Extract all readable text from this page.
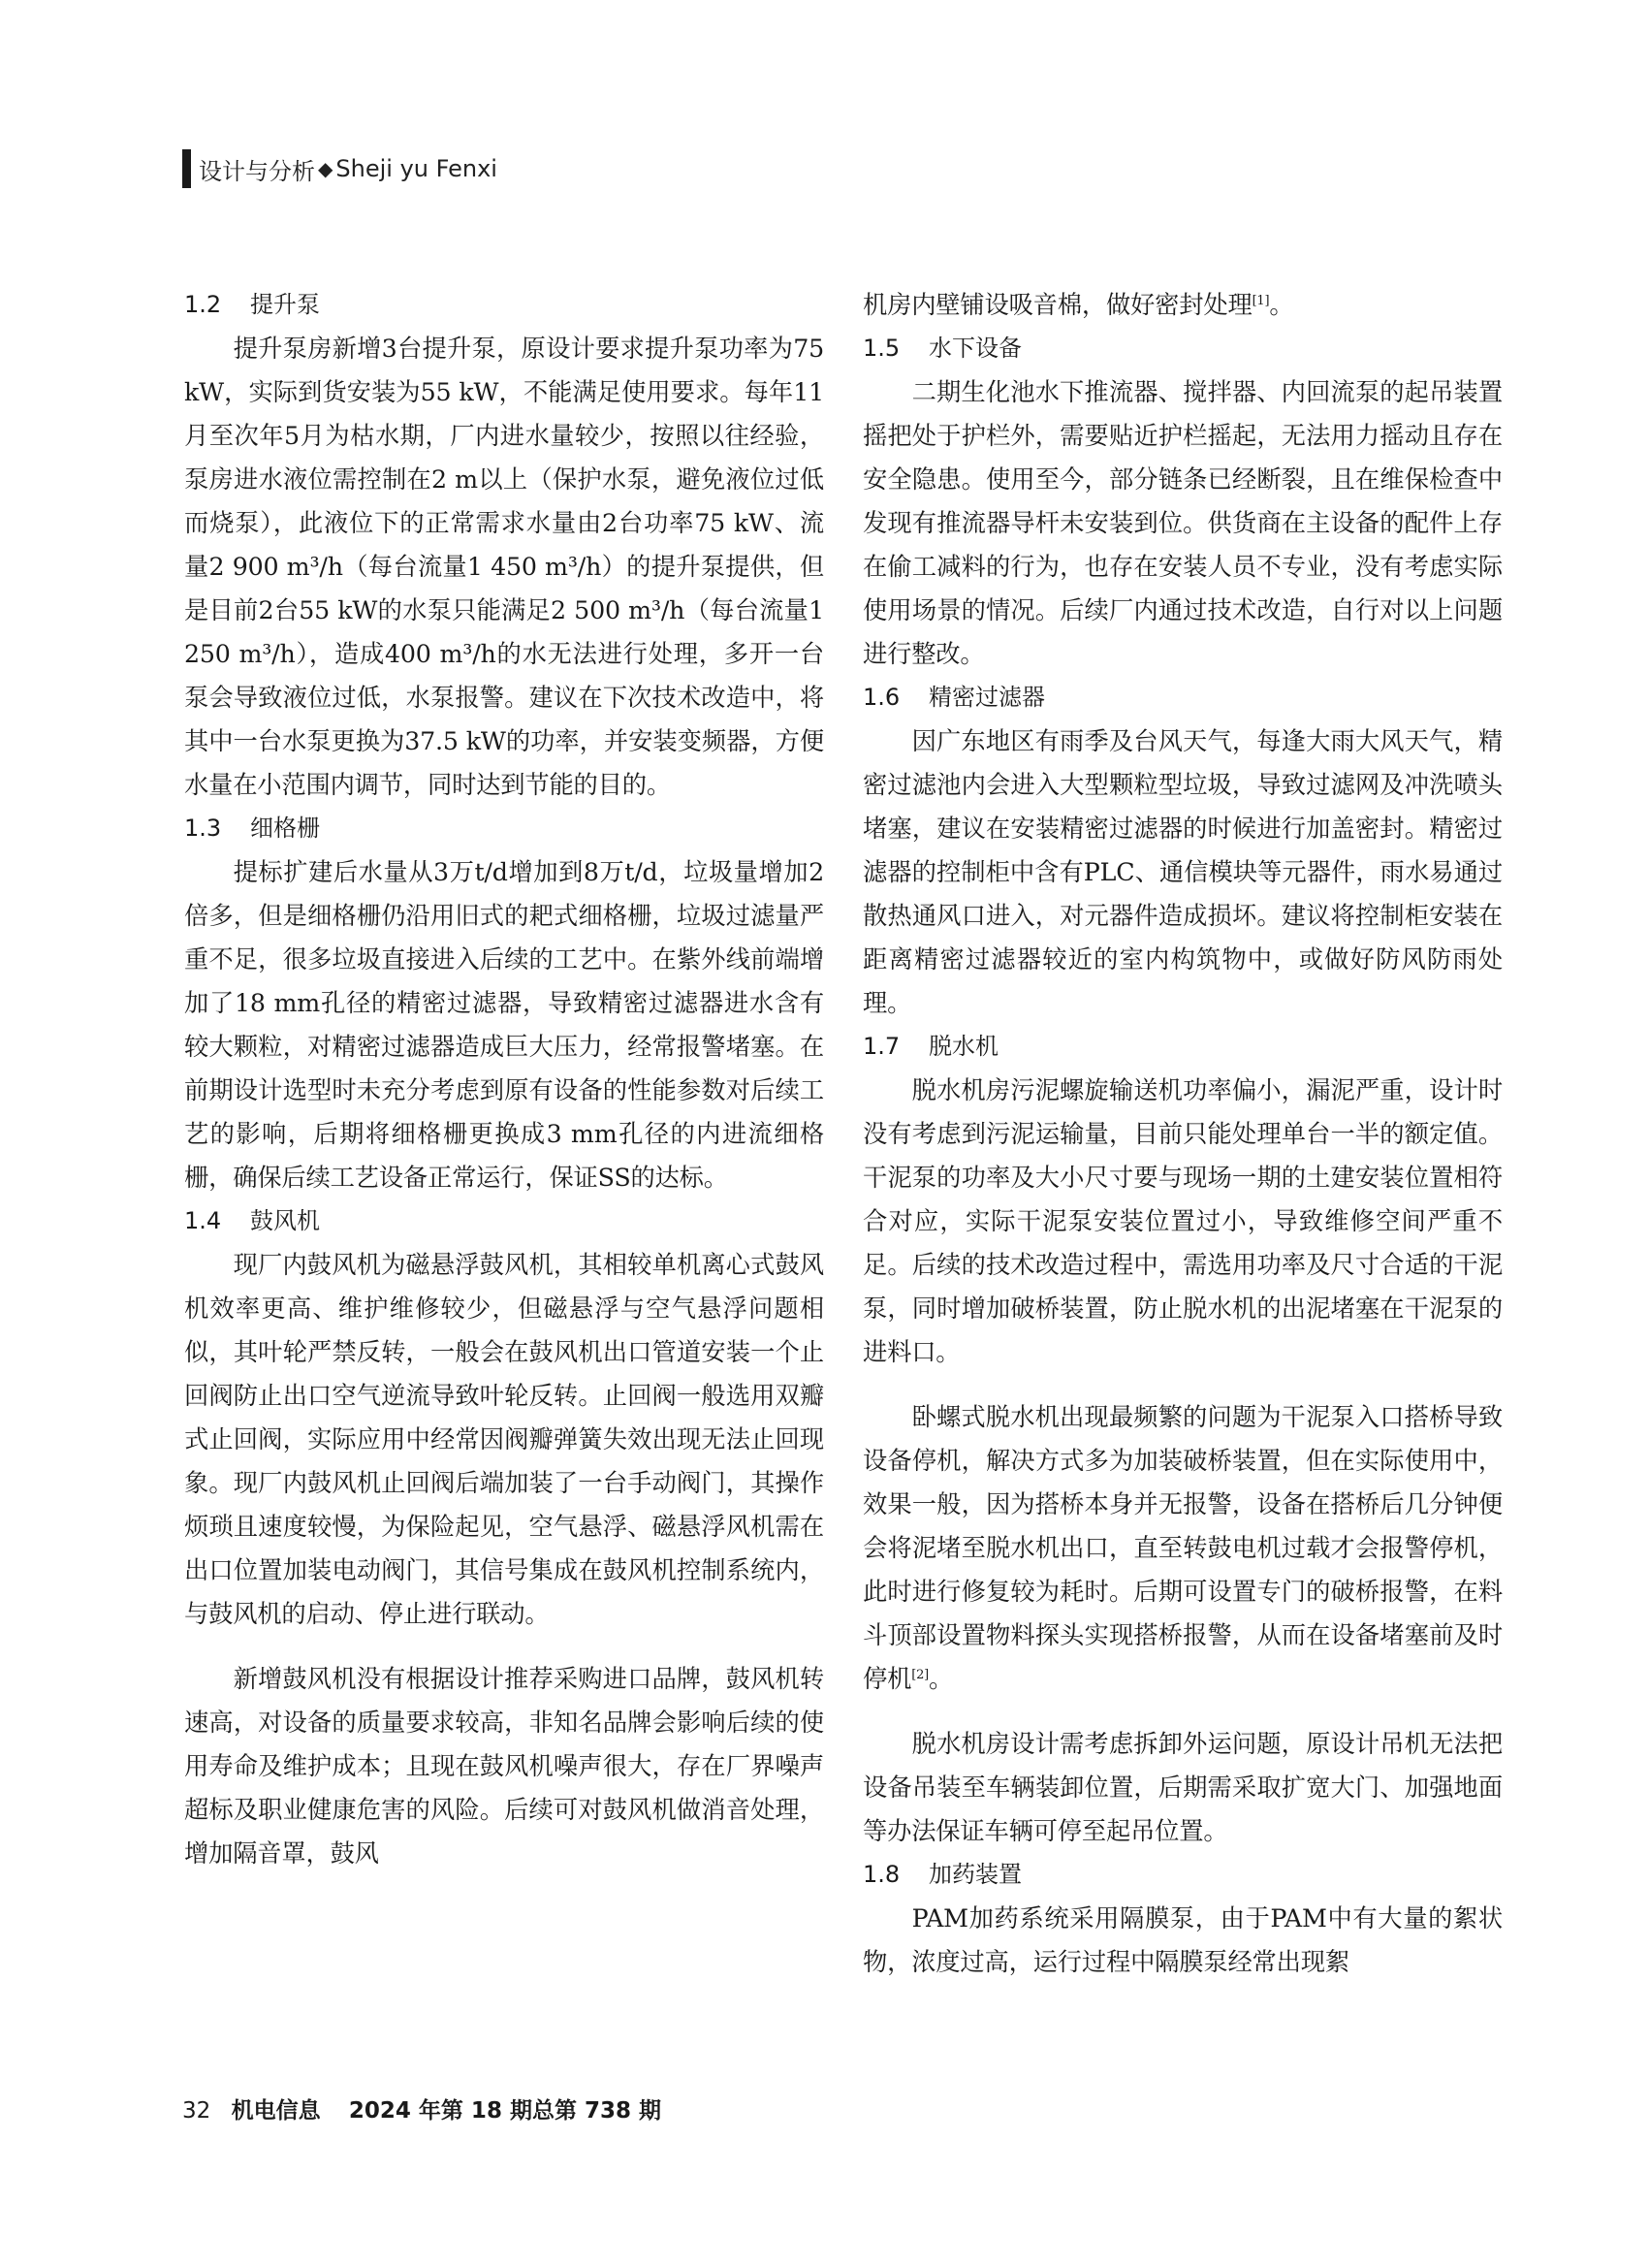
设计与分析 ◆ Sheji yu Fenxi
1.2 提升泵

提升泵房新增3台提升泵，原设计要求提升泵功率为75 kW，实际到货安装为55 kW，不能满足使用要求。每年11月至次年5月为枯水期，厂内进水量较少，按照以往经验，泵房进水液位需控制在2 m以上（保护水泵，避免液位过低而烧泵），此液位下的正常需求水量由2台功率75 kW、流量2 900 m³/h（每台流量1 450 m³/h）的提升泵提供，但是目前2台55 kW的水泵只能满足2 500 m³/h（每台流量1 250 m³/h），造成400 m³/h的水无法进行处理，多开一台泵会导致液位过低，水泵报警。建议在下次技术改造中，将其中一台水泵更换为37.5 kW的功率，并安装变频器，方便水量在小范围内调节，同时达到节能的目的。

1.3 细格栅

提标扩建后水量从3万t/d增加到8万t/d，垃圾量增加2倍多，但是细格栅仍沿用旧式的耙式细格栅，垃圾过滤量严重不足，很多垃圾直接进入后续的工艺中。在紫外线前端增加了18 mm孔径的精密过滤器，导致精密过滤器进水含有较大颗粒，对精密过滤器造成巨大压力，经常报警堵塞。在前期设计选型时未充分考虑到原有设备的性能参数对后续工艺的影响，后期将细格栅更换成3 mm孔径的内进流细格栅，确保后续工艺设备正常运行，保证SS的达标。

1.4 鼓风机

现厂内鼓风机为磁悬浮鼓风机，其相较单机离心式鼓风机效率更高、维护维修较少，但磁悬浮与空气悬浮问题相似，其叶轮严禁反转，一般会在鼓风机出口管道安装一个止回阀防止出口空气逆流导致叶轮反转。止回阀一般选用双瓣式止回阀，实际应用中经常因阀瓣弹簧失效出现无法止回现象。现厂内鼓风机止回阀后端加装了一台手动阀门，其操作烦琐且速度较慢，为保险起见，空气悬浮、磁悬浮风机需在出口位置加装电动阀门，其信号集成在鼓风机控制系统内，与鼓风机的启动、停止进行联动。

新增鼓风机没有根据设计推荐采购进口品牌，鼓风机转速高，对设备的质量要求较高，非知名品牌会影响后续的使用寿命及维护成本；且现在鼓风机噪声很大，存在厂界噪声超标及职业健康危害的风险。后续可对鼓风机做消音处理，增加隔音罩，鼓风

机房内壁铺设吸音棉，做好密封处理[1]。

1.5 水下设备

二期生化池水下推流器、搅拌器、内回流泵的起吊装置摇把处于护栏外，需要贴近护栏摇起，无法用力摇动且存在安全隐患。使用至今，部分链条已经断裂，且在维保检查中发现有推流器导杆未安装到位。供货商在主设备的配件上存在偷工减料的行为，也存在安装人员不专业，没有考虑实际使用场景的情况。后续厂内通过技术改造，自行对以上问题进行整改。

1.6 精密过滤器

因广东地区有雨季及台风天气，每逢大雨大风天气，精密过滤池内会进入大型颗粒型垃圾，导致过滤网及冲洗喷头堵塞，建议在安装精密过滤器的时候进行加盖密封。精密过滤器的控制柜中含有PLC、通信模块等元器件，雨水易通过散热通风口进入，对元器件造成损坏。建议将控制柜安装在距离精密过滤器较近的室内构筑物中，或做好防风防雨处理。

1.7 脱水机

脱水机房污泥螺旋输送机功率偏小，漏泥严重，设计时没有考虑到污泥运输量，目前只能处理单台一半的额定值。干泥泵的功率及大小尺寸要与现场一期的土建安装位置相符合对应，实际干泥泵安装位置过小，导致维修空间严重不足。后续的技术改造过程中，需选用功率及尺寸合适的干泥泵，同时增加破桥装置，防止脱水机的出泥堵塞在干泥泵的进料口。

卧螺式脱水机出现最频繁的问题为干泥泵入口搭桥导致设备停机，解决方式多为加装破桥装置，但在实际使用中，效果一般，因为搭桥本身并无报警，设备在搭桥后几分钟便会将泥堵至脱水机出口，直至转鼓电机过载才会报警停机，此时进行修复较为耗时。后期可设置专门的破桥报警，在料斗顶部设置物料探头实现搭桥报警，从而在设备堵塞前及时停机[2]。

脱水机房设计需考虑拆卸外运问题，原设计吊机无法把设备吊装至车辆装卸位置，后期需采取扩宽大门、加强地面等办法保证车辆可停至起吊位置。

1.8 加药装置

PAM加药系统采用隔膜泵，由于PAM中有大量的絮状物，浓度过高，运行过程中隔膜泵经常出现絮

32 机电信息 2024 年第 18 期总第 738 期
